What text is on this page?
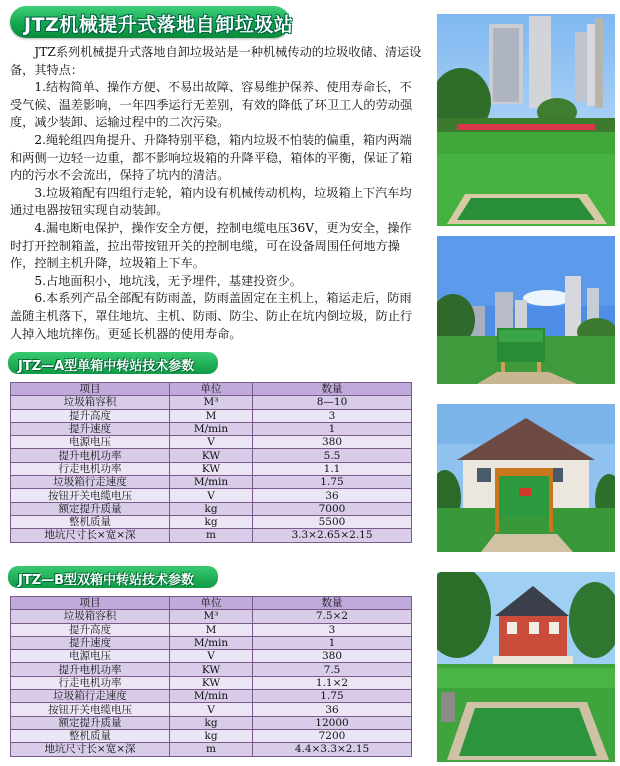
JTZ机械提升式落地自卸垃圾站

JTZ系列机械提升式落地自卸垃圾站是一种机械传动的垃圾收储、清运设备，其特点：

1.结构简单、操作方便、不易出故障、容易维护保养、使用寿命长，不受气候、温差影响，一年四季运行无差别，有效的降低了环卫工人的劳动强度，减少装卸、运输过程中的二次污染。

2.绳轮组四角提升、升降特别平稳，箱内垃圾不怕装的偏重，箱内两端和两侧一边轻一边重，都不影响垃圾箱的升降平稳，箱体的平衡，保证了箱内的污水不会流出，保持了坑内的清洁。

3.垃圾箱配有四组行走轮，箱内设有机械传动机构，垃圾箱上下汽车均通过电器按钮实现自动装卸。

4.漏电断电保护，操作安全方便，控制电缆电压36V，更为安全，操作时打开控制箱盖，拉出带按钮开关的控制电缆，可在设备周围任何地方操作，控制主机升降，垃圾箱上下车。

5.占地面积小，地坑浅，无予埋件，基建投资少。

6.本系列产品全部配有防雨盖，防雨盖固定在主机上，箱运走后，防雨盖随主机落下，罩住地坑、主机、防雨、防尘、防止在坑内倒垃圾，防止行人掉入地坑摔伤。更延长机器的使用寿命。

JTZ—A型单箱中转站技术参数
项目	单位	数量
垃圾箱容积	M³	8—10
提升高度	M	3
提升速度	M/min	1
电源电压	V	380
提升电机功率	KW	5.5
行走电机功率	KW	1.1
垃圾箱行走速度	M/min	1.75
按钮开关电缆电压	V	36
额定提升质量	kg	7000
整机质量	kg	5500
地坑尺寸长×宽×深	m	3.3×2.65×2.15
JTZ—B型双箱中转站技术参数
项目	单位	数量
垃圾箱容积	M³	7.5×2
提升高度	M	3
提升速度	M/min	1
电源电压	V	380
提升电机功率	KW	7.5
行走电机功率	KW	1.1×2
垃圾箱行走速度	M/min	1.75
按钮开关电缆电压	V	36
额定提升质量	kg	12000
整机质量	kg	7200
地坑尺寸长×宽×深	m	4.4×3.3×2.15
